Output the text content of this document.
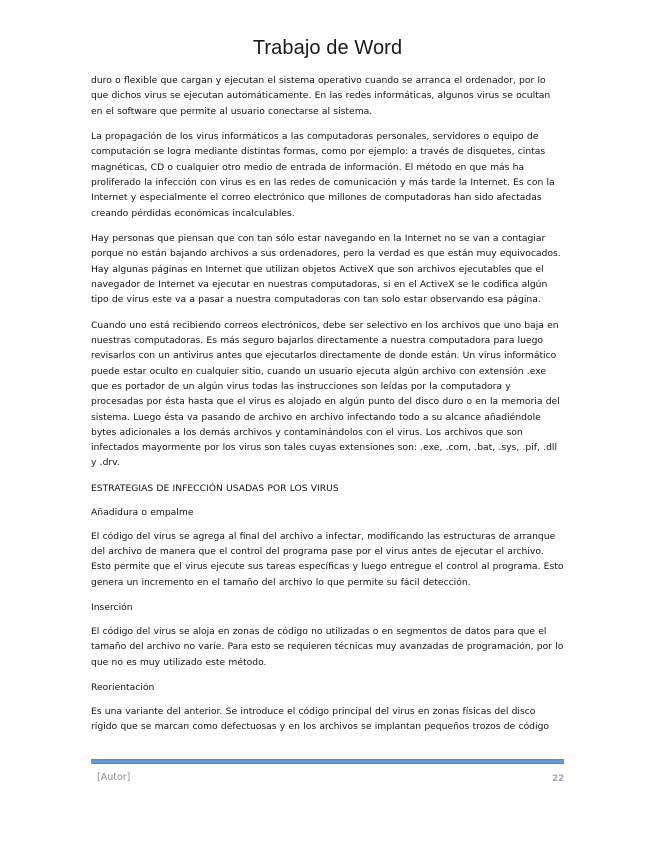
Trabajo de Word

duro o flexible que cargan y ejecutan el sistema operativo cuando se arranca el ordenador, por lo que dichos virus se ejecutan automáticamente. En las redes informáticas, algunos virus se ocultan en el software que permite al usuario conectarse al sistema.

La propagación de los virus informáticos a las computadoras personales, servidores o equipo de computación se logra mediante distintas formas, como por ejemplo: a través de disquetes, cintas magnéticas, CD o cualquier otro medio de entrada de información. El método en que más ha proliferado la infección con virus es en las redes de comunicación y más tarde la Internet. Es con la Internet y especialmente el correo electrónico que millones de computadoras han sido afectadas creando pérdidas económicas incalculables.

Hay personas que piensan que con tan sólo estar navegando en la Internet no se van a contagiar porque no están bajando archivos a sus ordenadores, pero la verdad es que están muy equivocados. Hay algunas páginas en Internet que utilizan objetos ActiveX que son archivos ejecutables que el navegador de Internet va ejecutar en nuestras computadoras, si en el ActiveX se le codifica algún tipo de virus este va a pasar a nuestra computadoras con tan solo estar observando esa página.

Cuando uno está recibiendo correos electrónicos, debe ser selectivo en los archivos que uno baja en nuestras computadoras. Es más seguro bajarlos directamente a nuestra computadora para luego revisarlos con un antivirus antes que ejecutarlos directamente de donde están. Un virus informático puede estar oculto en cualquier sitio, cuando un usuario ejecuta algún archivo con extensión .exe que es portador de un algún virus todas las instrucciones son leídas por la computadora y procesadas por ésta hasta que el virus es alojado en algún punto del disco duro o en la memoria del sistema. Luego ésta va pasando de archivo en archivo infectando todo a su alcance añadiéndole bytes adicionales a los demás archivos y contaminándolos con el virus. Los archivos que son infectados mayormente por los virus son tales cuyas extensiones son: .exe, .com, .bat, .sys, .pif, .dll y .drv.

ESTRATEGIAS DE INFECCIÓN USADAS POR LOS VIRUS

Añadidura o empalme

El código del virus se agrega al final del archivo a infectar, modificando las estructuras de arranque del archivo de manera que el control del programa pase por el virus antes de ejecutar el archivo. Esto permite que el virus ejecute sus tareas específicas y luego entregue el control al programa. Esto genera un incremento en el tamaño del archivo lo que permite su fácil detección.

Inserción

El código del virus se aloja en zonas de código no utilizadas o en segmentos de datos para que el tamaño del archivo no varíe. Para esto se requieren técnicas muy avanzadas de programación, por lo que no es muy utilizado este método.

Reorientación

Es una variante del anterior. Se introduce el código principal del virus en zonas físicas del disco rígido que se marcan como defectuosas y en los archivos se implantan pequeños trozos de código

[Autor]	22
